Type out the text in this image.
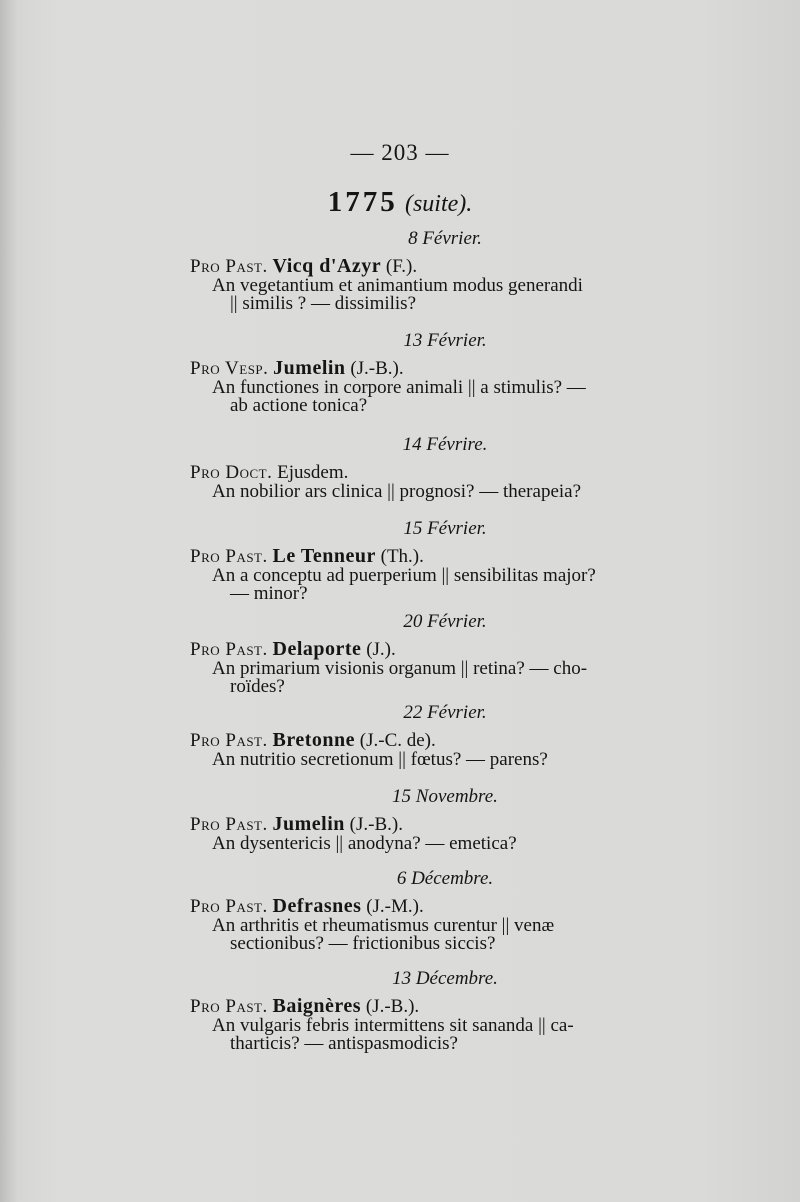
— 203 —
1775 (suite).
8 Février.
Pro Past. Vicq d'Azyr (F.).
An vegetantium et animantium modus generandi
|| similis ? — dissimilis?
13 Février.
Pro Vesp. Jumelin (J.-B.).
An functiones in corpore animali || a stimulis? —
ab actione tonica?
14 Févrire.
Pro Doct. Ejusdem.
An nobilior ars clinica || prognosi? — therapeia?
15 Février.
Pro Past. Le Tenneur (Th.).
An a conceptu ad puerperium || sensibilitas major?
— minor?
20 Février.
Pro Past. Delaporte (J.).
An primarium visionis organum || retina? — cho-
roïdes?
22 Février.
Pro Past. Bretonne (J.-C. de).
An nutritio secretionum || fœtus? — parens?
15 Novembre.
Pro Past. Jumelin (J.-B.).
An dysentericis || anodyna? — emetica?
6 Décembre.
Pro Past. Defrasnes (J.-M.).
An arthritis et rheumatismus curentur || venæ
sectionibus? — frictionibus siccis?
13 Décembre.
Pro Past. Baignères (J.-B.).
An vulgaris febris intermittens sit sananda || ca-
tharticis? — antispasmodicis?
